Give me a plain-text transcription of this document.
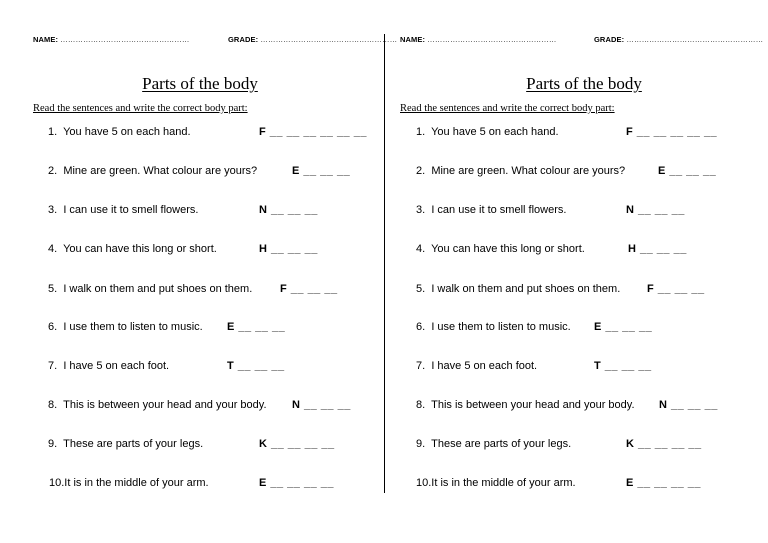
NAME: ……………………………………………	GRADE: ………………………………………………
Parts of the body
Read the sentences and write the correct body part:
1. You have 5 on each hand.	F __ __ __ __ __ __
2. Mine are green. What colour are yours?	E __ __ __
3. I can use it to smell flowers.	N __ __ __
4. You can have this long or short.	H __ __ __
5. I walk on them and put shoes on them.	F __ __ __
6. I use them to listen to music. E __ __ __
7. I have 5 on each foot.	T __ __ __
8. This is between your head and your body. N __ __ __
9. These are parts of your legs.	K __ __ __ __
10.It is in the middle of your arm.	E __ __ __ __
NAME: ……………………………………………	GRADE: ………………………………………………
Parts of the body
Read the sentences and write the correct body part:
1. You have 5 on each hand.	F __ __ __ __ __
2. Mine are green. What colour are yours?	E __ __ __
3. I can use it to smell flowers.	N __ __ __
4. You can have this long or short.	H __ __ __
5. I walk on them and put shoes on them. F __ __ __
6. I use them to listen to music. E __ __ __
7. I have 5 on each foot.	T __ __ __
8. This is between your head and your body. N __ __ __
9. These are parts of your legs.	K __ __ __ __
10.It is in the middle of your arm.	E __ __ __ __
